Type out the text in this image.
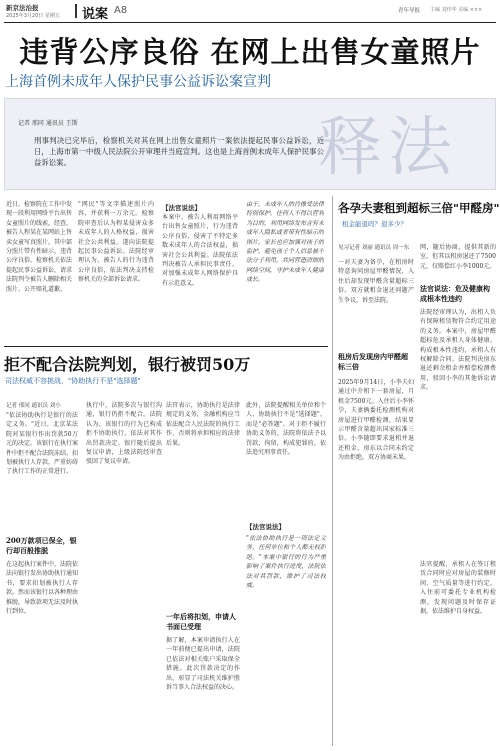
新京法治报
2025年3月20日 星期五 说案 A8	青年导报 主编 刘伟华 美编 ×××
违背公序良俗 在网上出售女童照片
上海首例未成年人保护民事公益诉讼案宣判
释法
记者 邢同 通讯员 王斯
刑事判决已完毕后，检察机关对其在网上出售女童照片一案依法提起民事公益诉讼，近日，上海市第一中级人民法院公开审理并当庭宣判。这也是上海首例未成年人保护民事公益诉讼案。
近日，检察院在工作中发现一段利用网络平台出售女童照片的线索，经查，被告人程某在某网站上售卖女童写真照片，其中部分照片带有性暗示，违背公序良俗。检察机关依法提起民事公益诉讼，请求法院判令被告人删除相关照片、公开赔礼道歉。
"网民"等文字描述照片内容，并获利一万余元。检察院审查后认为程某侵害众多未成年人的人格权益，损害社会公共利益，遂向法院提起民事公益诉讼。法院经审理认为，被告人的行为违背公序良俗，依法判决支持检察机关的全部诉讼请求。
【法官说法】
本案中，被告人利用网络平台出售女童照片，行为违背公序良俗，侵害了不特定多数未成年人的合法权益，损害社会公共利益。法院依法判决被告人承担民事责任，对加强未成年人网络保护具有示范意义。
由于，未成年人的肖像受法律特别保护。任何人不得以营利为目的，利用网络发布含有未成年人隐私或者带有性暗示的图片。家长也应加强对孩子的监护，避免孩子个人信息被不法分子利用，共同营造清朗的网络空间，守护未成年人健康成长。
拒不配合法院判划，银行被罚50万
司法权威不容挑战，"协助执行不是"选择题"
记者 邢同 通讯员 刘小
"依法协助执行是银行的法定义务。"近日，北京某法院对某银行作出罚款50万元的决定。该银行在执行案件中拒不配合法院冻结、扣划被执行人存款，严重妨碍了执行工作的正常进行。
200万款项已保全，银行却百般推脱
在这起执行案件中，法院依法向银行发出协助执行通知书，要求扣划被执行人存款。然而该银行以各种理由推脱，导致款项无法及时执行到位。
执行中，法院多次与银行沟通，银行仍拒不配合。法院认为，该银行的行为已构成拒不协助执行，依法对其作出罚款决定。银行随后提出复议申请，上级法院经审查驳回了复议申请。
法官表示，协助执行是法律规定的义务，金融机构应当依法配合人民法院的执行工作，否则将承担相应的法律后果。
一年后将扣划，申请人书面已受理
据了解，本案申请执行人在一年前便已提出申请，法院已依法对相关账户采取保全措施。此次罚款决定的作出，彰显了司法机关维护胜诉当事人合法权益的决心。
此外，法院提醒相关单位和个人，协助执行不是"选择题"，而是"必答题"。对于拒不履行协助义务的，法院将依法予以罚款、拘留，构成犯罪的，依法追究刑事责任。
【法官说法】
"依法协助执行是一项法定义务，任何单位和个人都无权拒绝。"本案中银行的行为严重影响了案件执行进度，法院依法对其罚款，维护了司法权威。
各孕夫妻租到超标三倍"甲醛房"
租金能退吗？退多少？
见习记者 刘丽 通讯员 周一东
一对夫妻为备孕，在租房时特意询问房屋甲醛情况，入住后却发现甲醛含量超标三倍。双方就租金退还问题产生争议，诉至法院。
租房后发现房内甲醛超标三倍
2025年9月14日，小李夫妇通过中介租下一套房屋，月租金7500元。入住后小李怀孕，夫妻俩委托检测机构对房屋进行甲醛检测，结果显示甲醛含量超出国家标准三倍。小李随即要求退租并退还租金，房东以合同未约定为由拒绝，双方协商未果。
网，随后协商，提供其新的室，但其以租房退还了7500元，仅赔偿红小李1000元。
法官说法：危及健康构成根本性违约
法院经审理认为，出租人负有保障租赁物符合约定用途的义务。本案中，房屋甲醛超标危及承租人身体健康，构成根本性违约，承租人有权解除合同。法院判决房东退还剩余租金并赔偿检测费用，驳回小李的其他诉讼请求。
法官提醒，承租人在签订租赁合同时应对房屋的装修时间、空气质量等进行约定，入住前可委托专业机构检测，发现问题及时保存证据，依法维护自身权益。
